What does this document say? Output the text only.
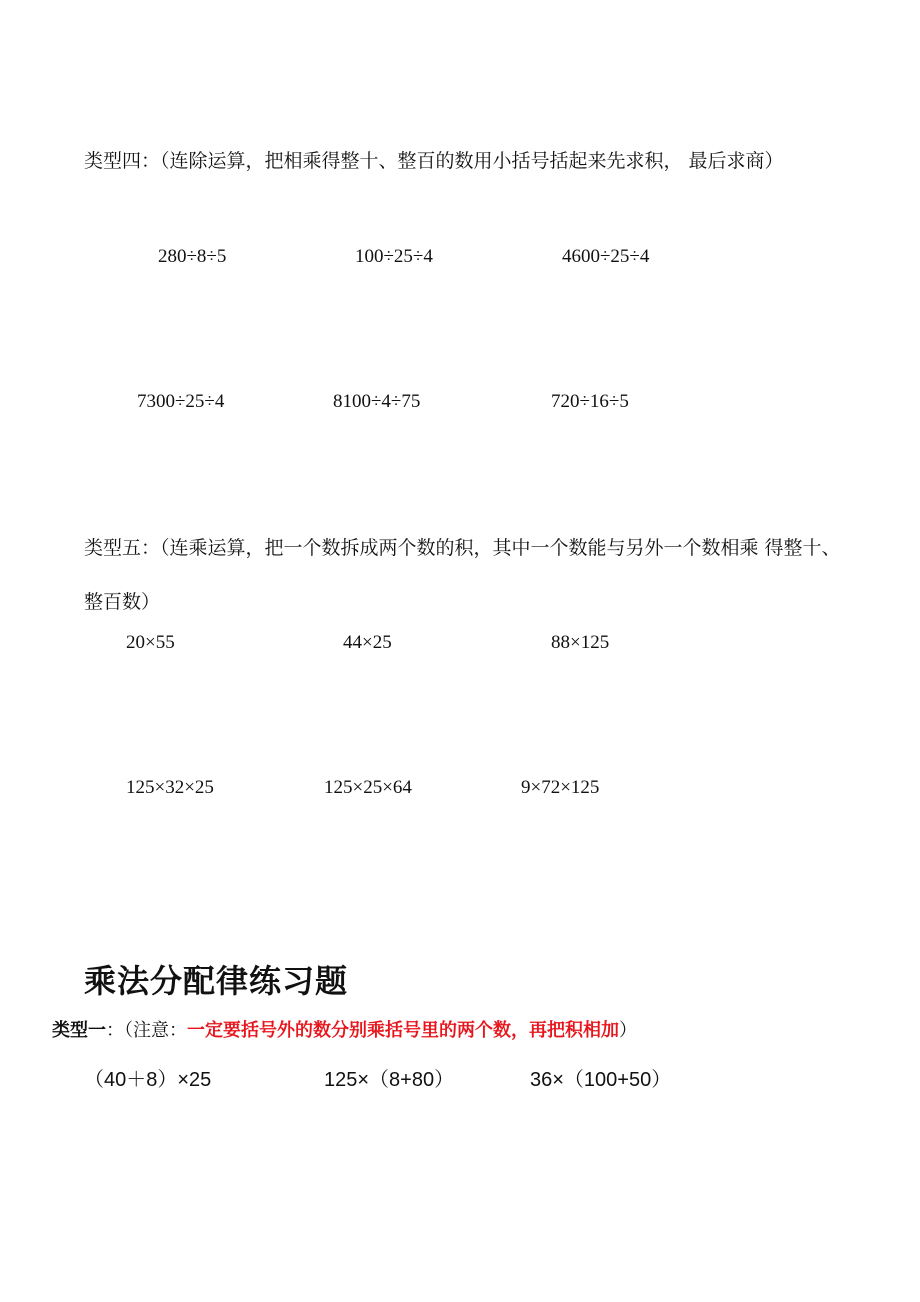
类型四：（连除运算，把相乘得整十、整百的数用小括号括起来先求积， 最后求商）
280÷8÷5	100÷25÷4	4600÷25÷4
7300÷25÷4	8100÷4÷75	720÷16÷5
类型五：（连乘运算，把一个数拆成两个数的积，其中一个数能与另外一个数相乘 得整十、整百数）
20×55	44×25	88×125
125×32×25	125×25×64	9×72×125
乘法分配律练习题
类型一：（注意：一定要括号外的数分别乘括号里的两个数，再把积相加）
（40＋8）×25	125×（8+80）	36×（100+50）
